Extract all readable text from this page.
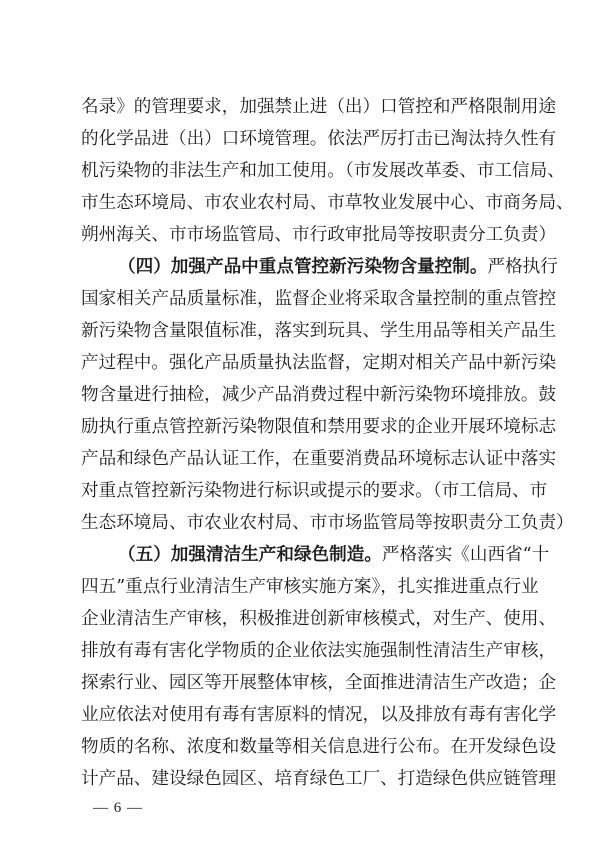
名录》的管理要求，加强禁止进（出）口管控和严格限制用途
的化学品进（出）口环境管理。依法严厉打击已淘汰持久性有
机污染物的非法生产和加工使用。（市发展改革委、市工信局、
市生态环境局、市农业农村局、市草牧业发展中心、市商务局、
朔州海关、市市场监管局、市行政审批局等按职责分工负责）
（四）加强产品中重点管控新污染物含量控制。严格执行
国家相关产品质量标准，监督企业将采取含量控制的重点管控
新污染物含量限值标准，落实到玩具、学生用品等相关产品生
产过程中。强化产品质量执法监督，定期对相关产品中新污染
物含量进行抽检，减少产品消费过程中新污染物环境排放。鼓
励执行重点管控新污染物限值和禁用要求的企业开展环境标志
产品和绿色产品认证工作，在重要消费品环境标志认证中落实
对重点管控新污染物进行标识或提示的要求。（市工信局、市
生态环境局、市农业农村局、市市场监管局等按职责分工负责）
（五）加强清洁生产和绿色制造。严格落实《山西省“十
四五”重点行业清洁生产审核实施方案》，扎实推进重点行业
企业清洁生产审核，积极推进创新审核模式，对生产、使用、
排放有毒有害化学物质的企业依法实施强制性清洁生产审核，
探索行业、园区等开展整体审核，全面推进清洁生产改造；企
业应依法对使用有毒有害原料的情况，以及排放有毒有害化学
物质的名称、浓度和数量等相关信息进行公布。在开发绿色设
计产品、建设绿色园区、培育绿色工厂、打造绿色供应链管理
— 6 —
